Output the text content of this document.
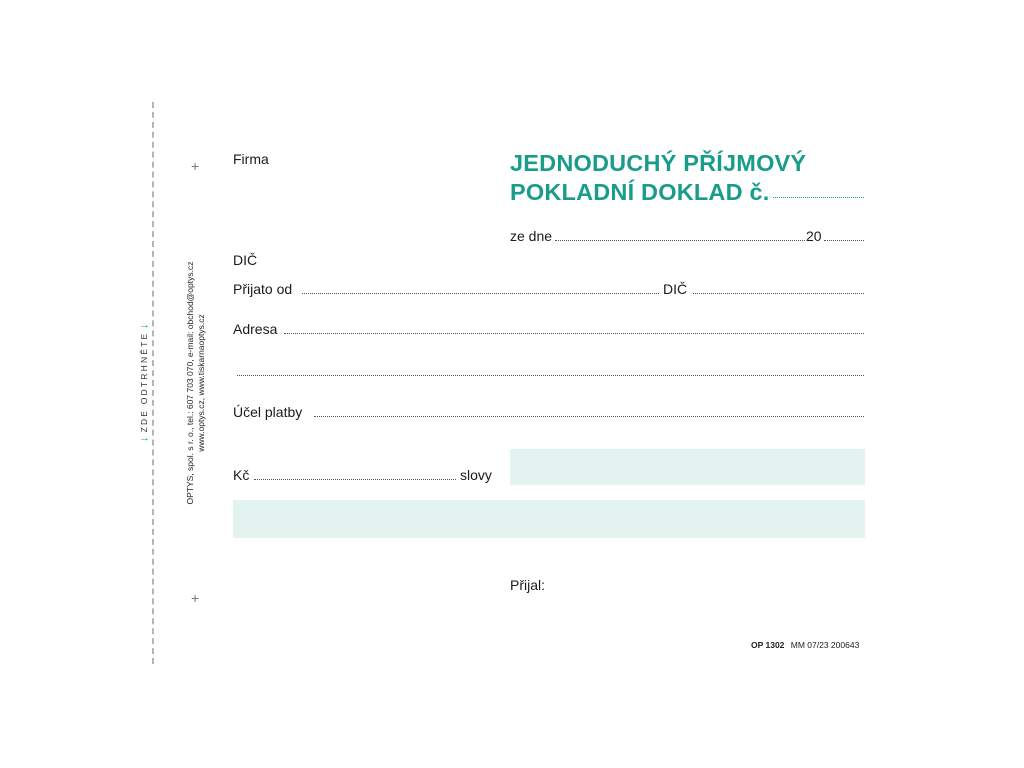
→
ZDE ODTRHNĚTE
→	OPTYS, spol. s r. o., tel.: 607 703 070, e-mail: obchod@optys.cz www.optys.cz, www.tiskarnaoptys.cz
+
+
JEDNODUCHÝ PŘÍJMOVÝ
POKLADNÍ DOKLAD č.
Firma
ze dne	20
DIČ
Přijato od	DIČ
Adresa
Účel platby
Kč	slovy
Přijal:
OP 1302 MM 07/23 200643
